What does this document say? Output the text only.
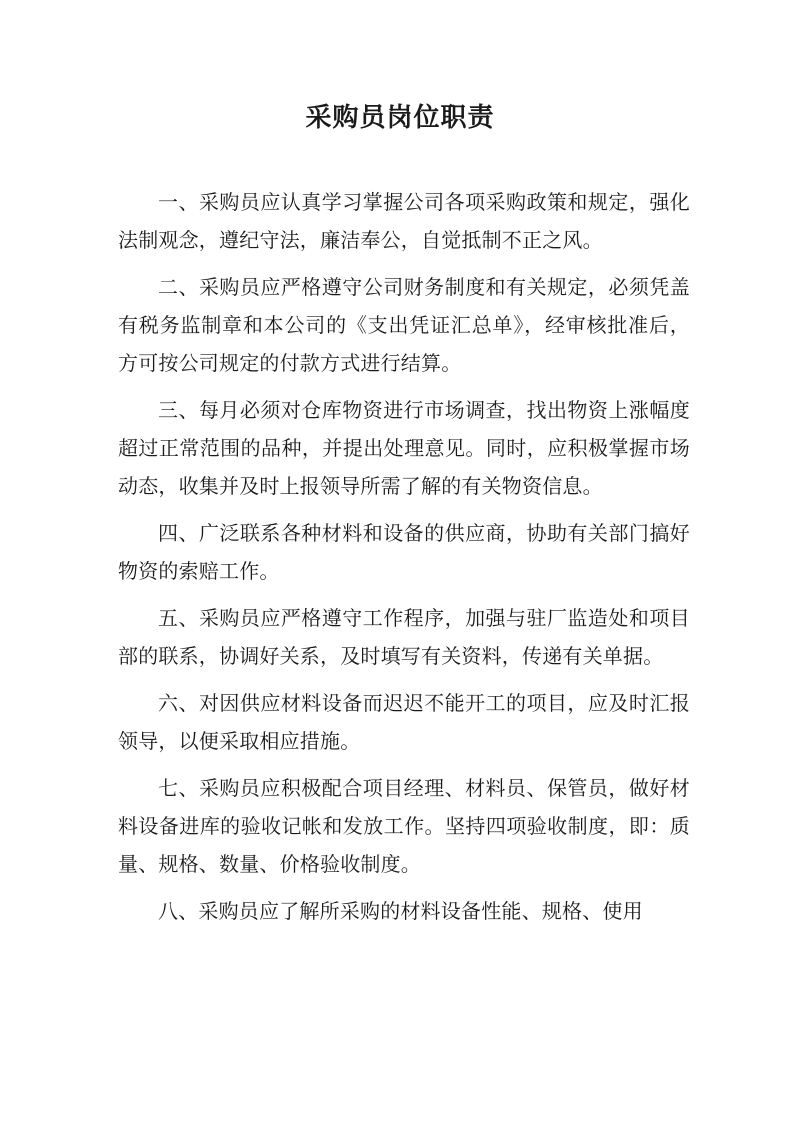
采购员岗位职责

一、采购员应认真学习掌握公司各项采购政策和规定，强化法制观念，遵纪守法，廉洁奉公，自觉抵制不正之风。

二、采购员应严格遵守公司财务制度和有关规定，必须凭盖有税务监制章和本公司的《支出凭证汇总单》，经审核批准后，方可按公司规定的付款方式进行结算。

三、每月必须对仓库物资进行市场调查，找出物资上涨幅度超过正常范围的品种，并提出处理意见。同时，应积极掌握市场动态，收集并及时上报领导所需了解的有关物资信息。

四、广泛联系各种材料和设备的供应商，协助有关部门搞好物资的索赔工作。

五、采购员应严格遵守工作程序，加强与驻厂监造处和项目部的联系，协调好关系，及时填写有关资料，传递有关单据。

六、对因供应材料设备而迟迟不能开工的项目，应及时汇报领导，以便采取相应措施。

七、采购员应积极配合项目经理、材料员、保管员，做好材料设备进库的验收记帐和发放工作。坚持四项验收制度，即：质量、规格、数量、价格验收制度。

八、采购员应了解所采购的材料设备性能、规格、使用
